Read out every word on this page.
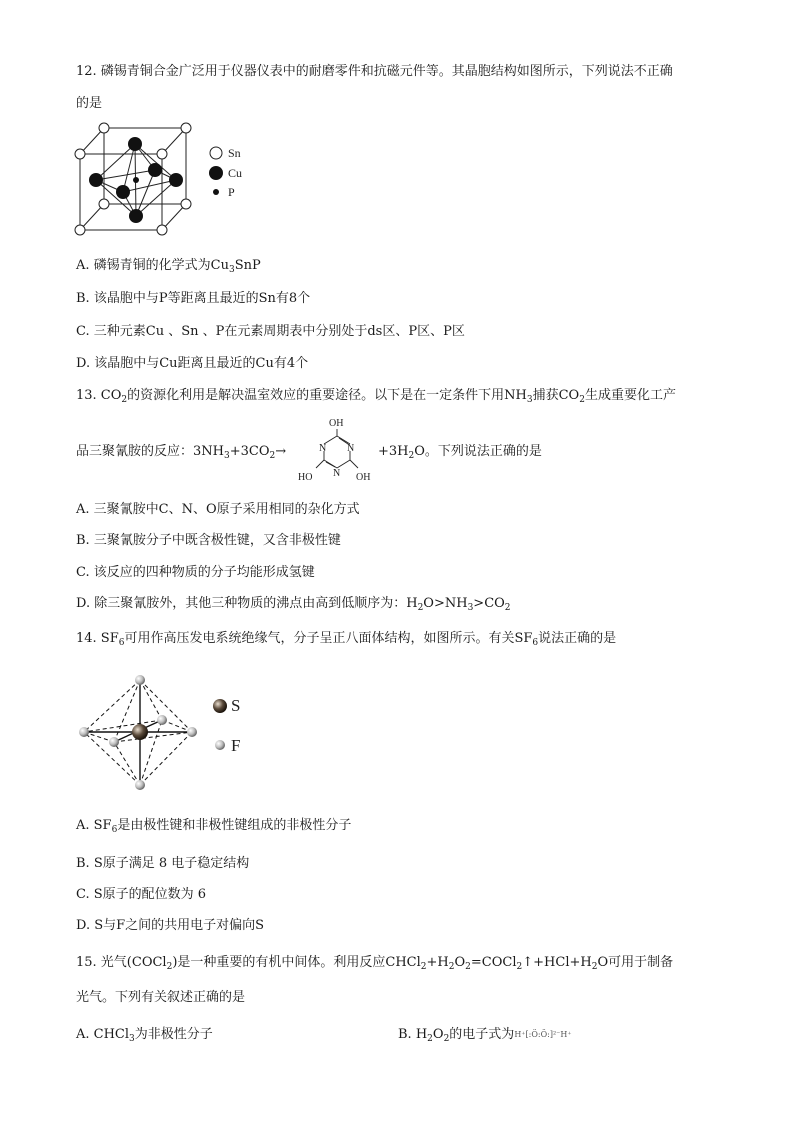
12. 磷锡青铜合金广泛用于仪器仪表中的耐磨零件和抗磁元件等。其晶胞结构如图所示，下列说法不正确
的是
Sn
Cu
P
A. 磷锡青铜的化学式为$Cu_3SnP$
B. 该晶胞中与P等距离且最近的Sn有8个
C. 三种元素Cu 、Sn 、P在元素周期表中分别处于ds区、P区、P区
D. 该晶胞中与Cu距离且最近的Cu有4个
13. $CO_2$的资源化利用是解决温室效应的重要途径。以下是在一定条件下用$NH_3$捕获$CO_2$生成重要化工产
品三聚氰胺的反应：$3NH_3+3CO_2\to$
OH
N N
N
HO	OH
$+3H_2O$。下列说法正确的是
A. 三聚氰胺中C、N、O原子采用相同的杂化方式
B. 三聚氰胺分子中既含极性键，又含非极性键
C. 该反应的四种物质的分子均能形成氢键
D. 除三聚氰胺外，其他三种物质的沸点由高到低顺序为：$H_2O>NH_3>CO_2$
14. $SF_6$可用作高压发电系统绝缘气，分子呈正八面体结构，如图所示。有关$SF_6$说法正确的是
S
F
A. $SF_6$是由极性键和非极性键组成的非极性分子
B. S原子满足 8 电子稳定结构
C. S原子的配位数为 6
D. S与F之间的共用电子对偏向S
15. 光气(COCl$_2$)是一种重要的有机中间体。利用反应$CHCl_2+H_2O_2=COCl_2↑+HCl+H_2O$可用于制备
光气。下列有关叙述正确的是
A. CHCl$_3$为非极性分子	B. $H_2O_2$的电子式为H⁺[:Ö:Ö:]²⁻H⁺
